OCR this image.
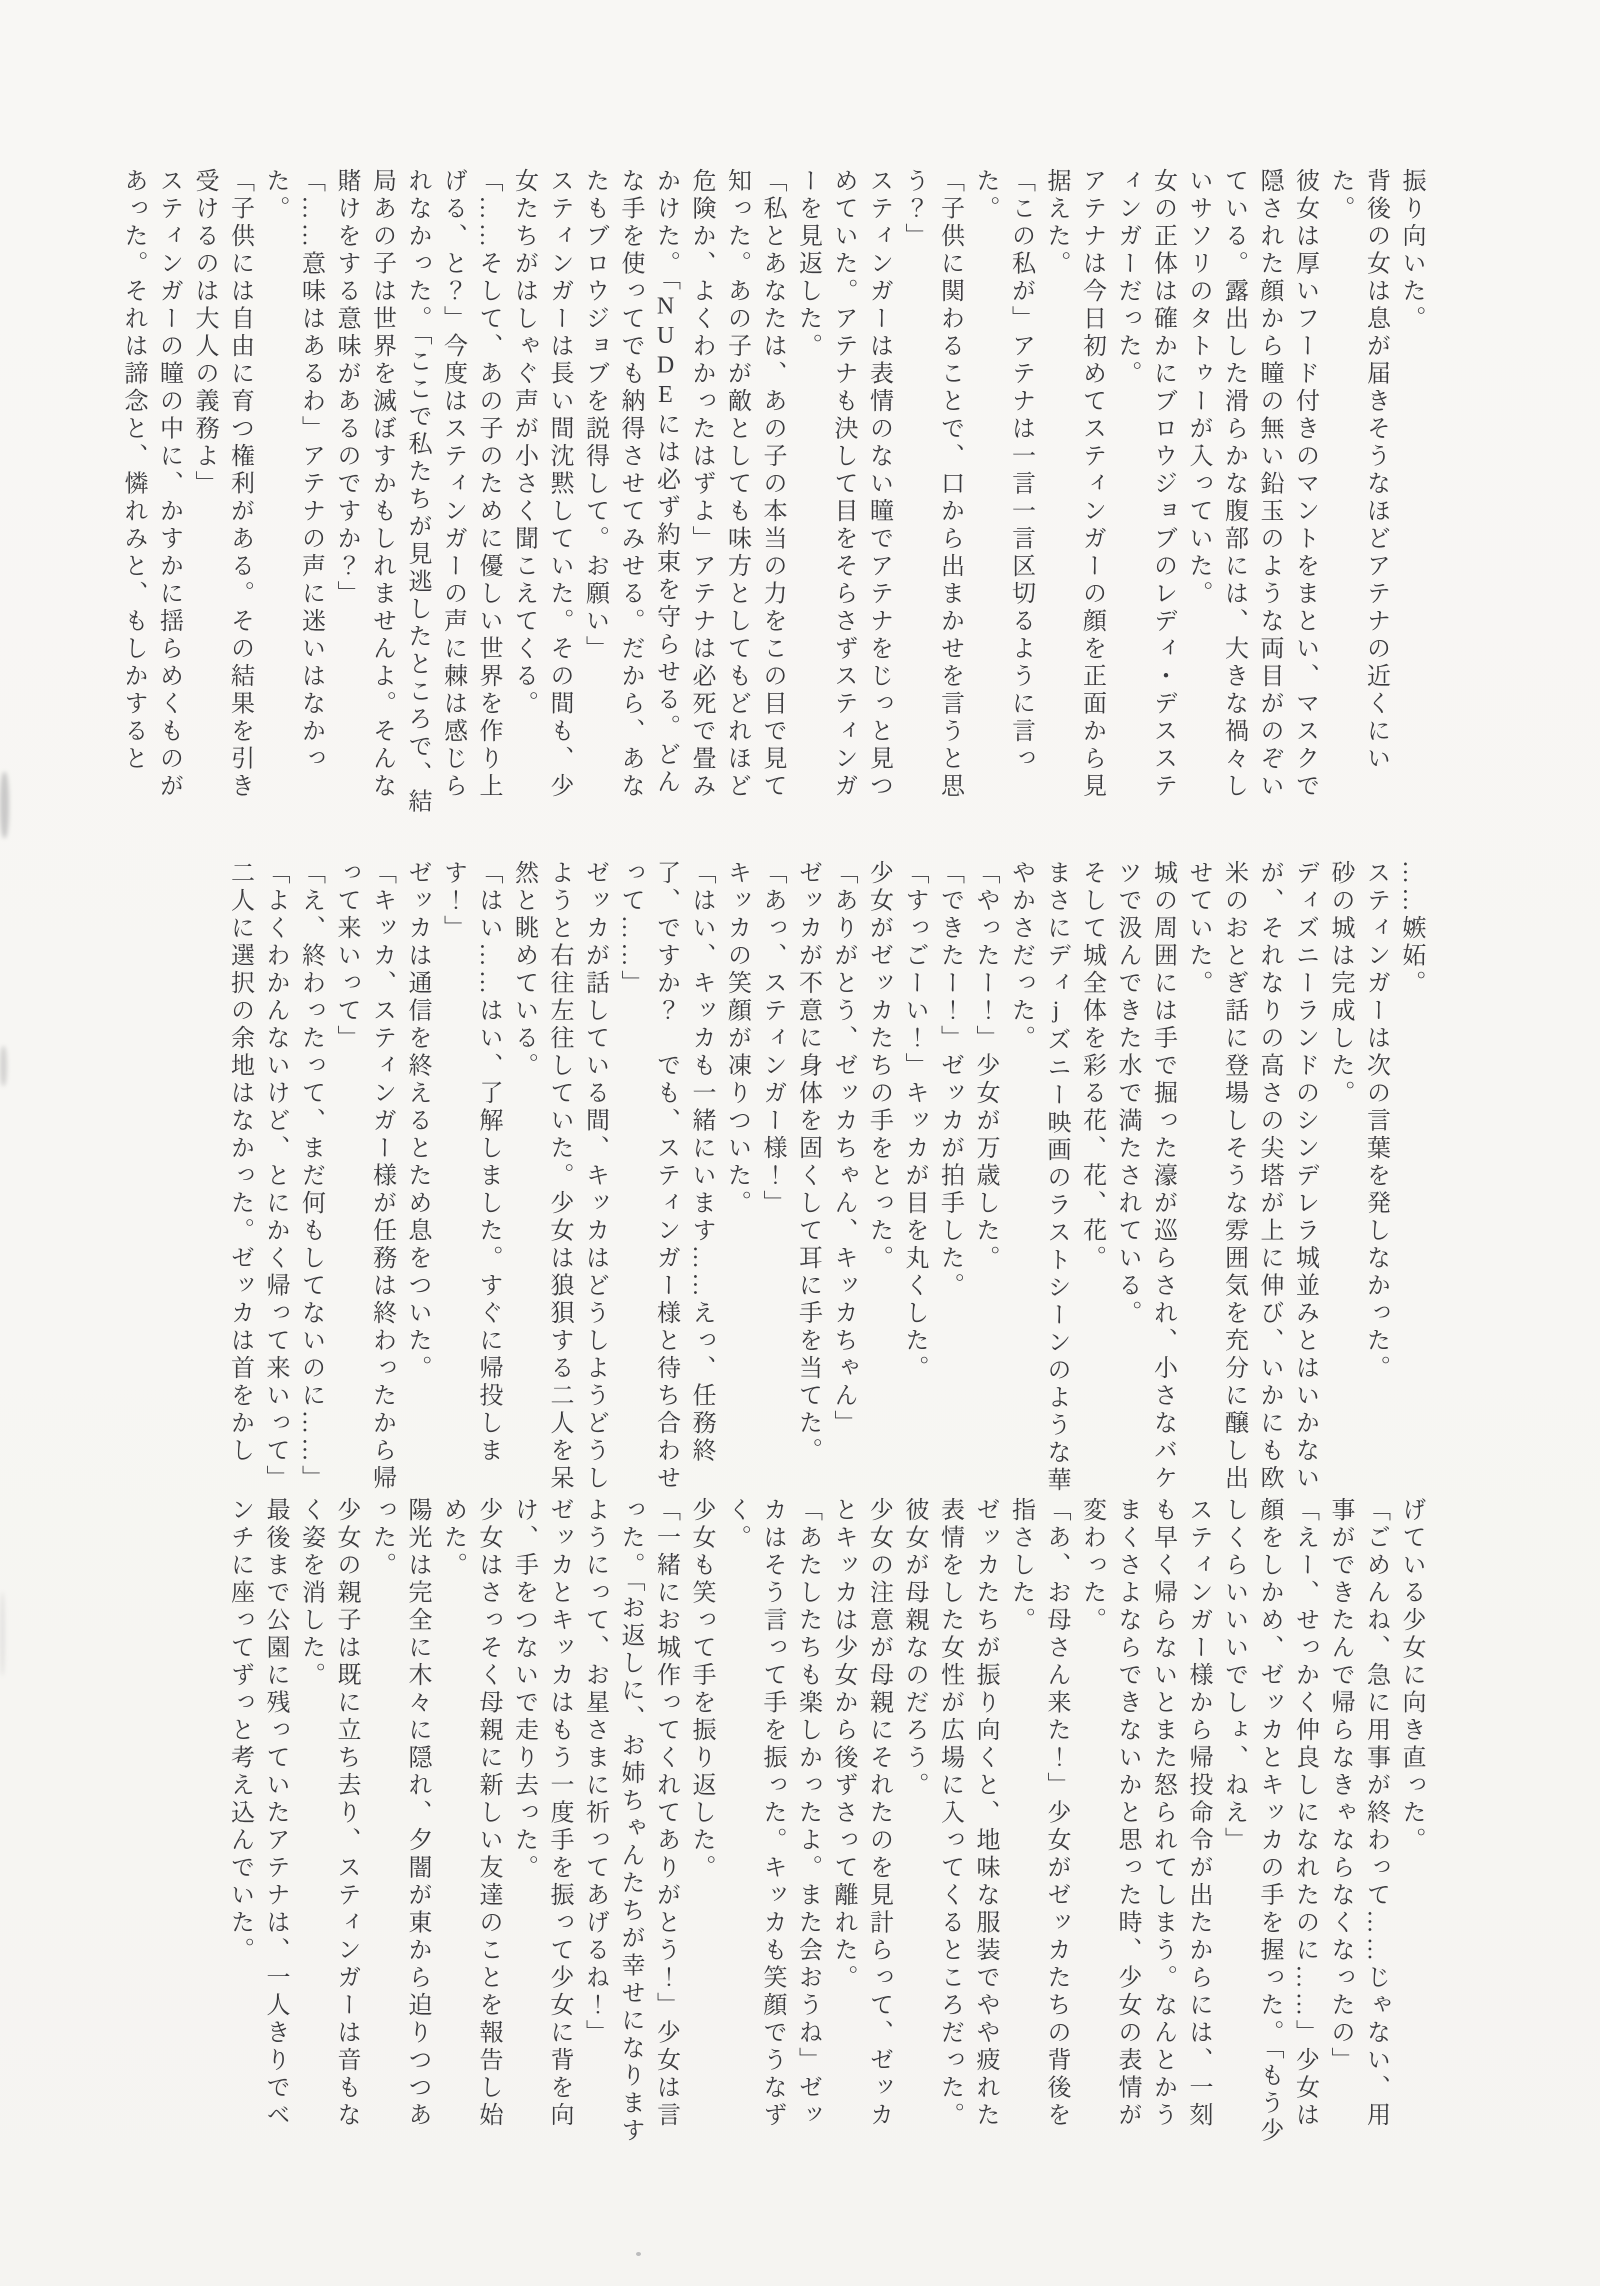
振り向いた。

背後の女は息が届きそうなほどアテナの近くにいた。

彼女は厚いフード付きのマントをまとい、マスクで隠された顔から瞳の無い鉛玉のような両目がのぞいている。露出した滑らかな腹部には、大きな禍々しいサソリのタトゥーが入っていた。

女の正体は確かにブロウジョブのレディ・デススティンガーだった。

アテナは今日初めてスティンガーの顔を正面から見据えた。

「この私が」アテナは一言一言区切るように言った。

「子供に関わることで、口から出まかせを言うと思う？」

スティンガーは表情のない瞳でアテナをじっと見つめていた。アテナも決して目をそらさずスティンガーを見返した。

「私とあなたは、あの子の本当の力をこの目で見て知った。あの子が敵としても味方としてもどれほど危険か、よくわかったはずよ」アテナは必死で畳みかけた。「NUDEには必ず約束を守らせる。どんな手を使ってでも納得させてみせる。だから、あなたもブロウジョブを説得して。お願い」

スティンガーは長い間沈黙していた。その間も、少女たちがはしゃぐ声が小さく聞こえてくる。

「……そして、あの子のために優しい世界を作り上げる、と？」今度はスティンガーの声に棘は感じられなかった。「ここで私たちが見逃したところで、結局あの子は世界を滅ぼすかもしれませんよ。そんな賭けをする意味があるのですか？」

「……意味はあるわ」アテナの声に迷いはなかった。

「子供には自由に育つ権利がある。その結果を引き受けるのは大人の義務よ」

スティンガーの瞳の中に、かすかに揺らめくものがあった。それは諦念と、憐れみと、もしかすると

……嫉妬。

スティンガーは次の言葉を発しなかった。

砂の城は完成した。

ディズニーランドのシンデレラ城並みとはいかないが、それなりの高さの尖塔が上に伸び、いかにも欧米のおとぎ話に登場しそうな雰囲気を充分に醸し出せていた。

城の周囲には手で掘った濠が巡らされ、小さなバケツで汲んできた水で満たされている。

そして城全体を彩る花、花、花。

まさにディjズニー映画のラストシーンのような華やかさだった。

「やったー！」少女が万歳した。

「できたー！」ゼッカが拍手した。

「すっごーい！」キッカが目を丸くした。

少女がゼッカたちの手をとった。

「ありがとう、ゼッカちゃん、キッカちゃん」

ゼッカが不意に身体を固くして耳に手を当てた。

「あっ、スティンガー様！」

キッカの笑顔が凍りついた。

「はい、キッカも一緒にいます……えっ、任務終了、ですか？　でも、スティンガー様と待ち合わせって……」

ゼッカが話している間、キッカはどうしようどうしようと右往左往していた。少女は狼狽する二人を呆然と眺めている。

「はい……はい、了解しました。すぐに帰投します！」

ゼッカは通信を終えるとため息をついた。

「キッカ、スティンガー様が任務は終わったから帰って来いって」

「え、終わったって、まだ何もしてないのに……」

「よくわかんないけど、とにかく帰って来いって」

二人に選択の余地はなかった。ゼッカは首をかし

げている少女に向き直った。

「ごめんね、急に用事が終わって……じゃない、用事ができたんで帰らなきゃならなくなったの」

「えー、せっかく仲良しになれたのに……」少女は顔をしかめ、ゼッカとキッカの手を握った。「もう少しくらいいいでしょ、ねえ」

スティンガー様から帰投命令が出たからには、一刻も早く帰らないとまた怒られてしまう。なんとかうまくさよならできないかと思った時、少女の表情が変わった。

「あ、お母さん来た！」少女がゼッカたちの背後を指さした。

ゼッカたちが振り向くと、地味な服装でやや疲れた表情をした女性が広場に入ってくるところだった。彼女が母親なのだろう。

少女の注意が母親にそれたのを見計らって、ゼッカとキッカは少女から後ずさって離れた。

「あたしたちも楽しかったよ。また会おうね」ゼッカはそう言って手を振った。キッカも笑顔でうなずく。

少女も笑って手を振り返した。

「一緒にお城作ってくれてありがとう！」少女は言った。「お返しに、お姉ちゃんたちが幸せになりますようにって、お星さまに祈ってあげるね！」

ゼッカとキッカはもう一度手を振って少女に背を向け、手をつないで走り去った。

少女はさっそく母親に新しい友達のことを報告し始めた。

陽光は完全に木々に隠れ、夕闇が東から迫りつつあった。

少女の親子は既に立ち去り、スティンガーは音もなく姿を消した。

最後まで公園に残っていたアテナは、一人きりでベンチに座ってずっと考え込んでいた。
